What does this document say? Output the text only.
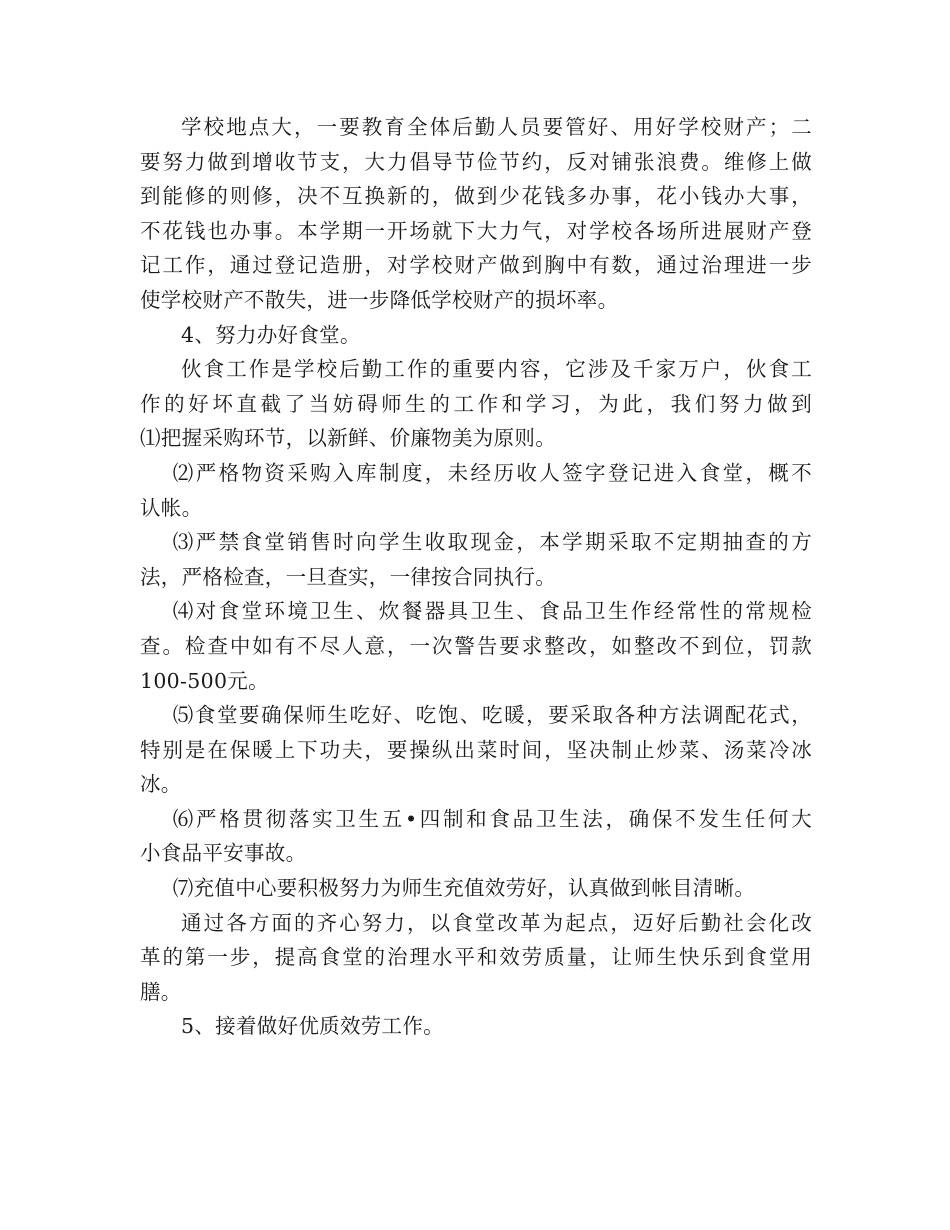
学校地点大，一要教育全体后勤人员要管好、用好学校财产；二
要努力做到增收节支，大力倡导节俭节约，反对铺张浪费。维修上做
到能修的则修，决不互换新的，做到少花钱多办事，花小钱办大事，
不花钱也办事。本学期一开场就下大力气，对学校各场所进展财产登
记工作，通过登记造册，对学校财产做到胸中有数，通过治理进一步
使学校财产不散失，进一步降低学校财产的损坏率。
4、努力办好食堂。
伙食工作是学校后勤工作的重要内容，它涉及千家万户，伙食工
作的好坏直截了当妨碍师生的工作和学习，为此，我们努力做到
⑴把握采购环节，以新鲜、价廉物美为原则。
⑵严格物资采购入库制度，未经历收人签字登记进入食堂，概不
认帐。
⑶严禁食堂销售时向学生收取现金，本学期采取不定期抽查的方
法，严格检查，一旦查实，一律按合同执行。
⑷对食堂环境卫生、炊餐器具卫生、食品卫生作经常性的常规检
查。检查中如有不尽人意，一次警告要求整改，如整改不到位，罚款
100-500元。
⑸食堂要确保师生吃好、吃饱、吃暖，要采取各种方法调配花式，
特别是在保暖上下功夫，要操纵出菜时间，坚决制止炒菜、汤菜冷冰
冰。
⑹严格贯彻落实卫生五•四制和食品卫生法，确保不发生任何大
小食品平安事故。
⑺充值中心要积极努力为师生充值效劳好，认真做到帐目清晰。
通过各方面的齐心努力，以食堂改革为起点，迈好后勤社会化改
革的第一步，提高食堂的治理水平和效劳质量，让师生快乐到食堂用
膳。
5、接着做好优质效劳工作。
